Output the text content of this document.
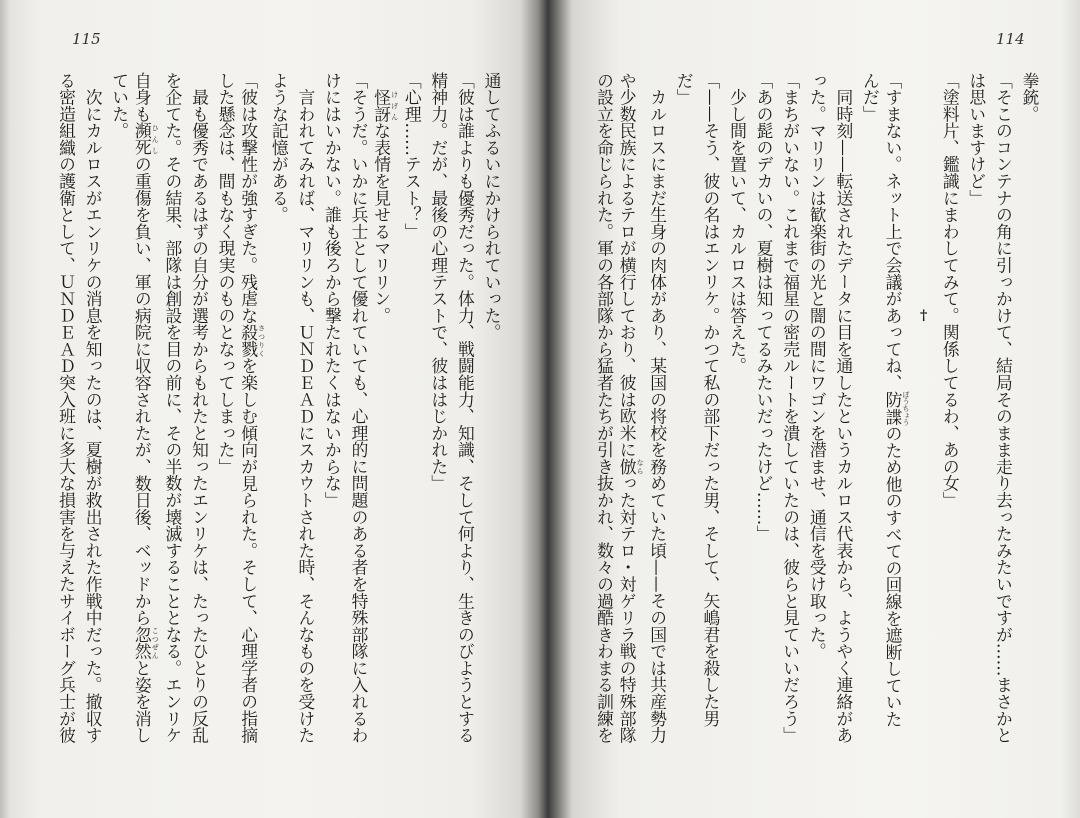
115	114
通してふるいにかけられていった。
「彼は誰よりも優秀だった。体力、戦闘能力、知識、そして何より、生きのびようとする
精神力。だが、最後の心理テストで、彼ははじかれた」
「心理……テスト？」
　怪訝 けげんな表情を見せるマリリン。
「そうだ。いかに兵士として優れていても、心理的に問題のある者を特殊部隊に入れるわ
けにはいかない。誰も後ろから撃たれたくはないからな」
　言われてみれば、マリリンも、ＵＮＤＥＡＤにスカウトされた時、そんなものを受けた
ような記憶がある。
「彼は攻撃性が強すぎた。残虐な殺戮 さつりくを楽しむ傾向が見られた。そして、心理学者の指摘
した懸念は、間もなく現実のものとなってしまった」
　最も優秀であるはずの自分が選考からもれたと知ったエンリケは、たったひとりの反乱
を企てた。その結果、部隊は創設を目の前に、その半数が壊滅することとなる。エンリケ
自身も瀕死 ひんしの重傷を負い、軍の病院に収容されたが、数日後、ベッドから忽然 こつぜんと姿を消し
ていた。
　次にカルロスがエンリケの消息を知ったのは、夏樹が救出された作戦中だった。撤収す
る密造組織の護衛として、ＵＮＤＥＡＤ突入班に多大な損害を与えたサイボーグ兵士が彼	拳銃。
「そこのコンテナの角に引っかけて、結局そのまま走り去ったみたいですが……まさかと
は思いますけど」
「塗料片、鑑識にまわしてみて。関係してるわ、あの女」
†
「すまない。ネット上で会議があってね、防諜 ぼうちょうのため他のすべての回線を遮断していた
んだ」
　同時刻——転送されたデータに目を通したというカルロス代表から、ようやく連絡があ
った。マリリンは歓楽街の光と闇の間にワゴンを潜ませ、通信を受け取った。
「まちがいない。これまで福星の密売ルートを潰していたのは、彼らと見ていいだろう」
「あの髭のデカいの、夏樹は知ってるみたいだったけど……」
　少し間を置いて、カルロスは答えた。
「——そう、彼の名はエンリケ。かつて私の部下だった男、そして、矢嶋君を殺した男
だ」
　カルロスにまだ生身の肉体があり、某国の将校を務めていた頃——その国では共産勢力
や少数民族によるテロが横行しており、彼は欧米に倣 ならった対テロ・対ゲリラ戦の特殊部隊
の設立を命じられた。軍の各部隊から猛者たちが引き抜かれ、数々の過酷きわまる訓練を
